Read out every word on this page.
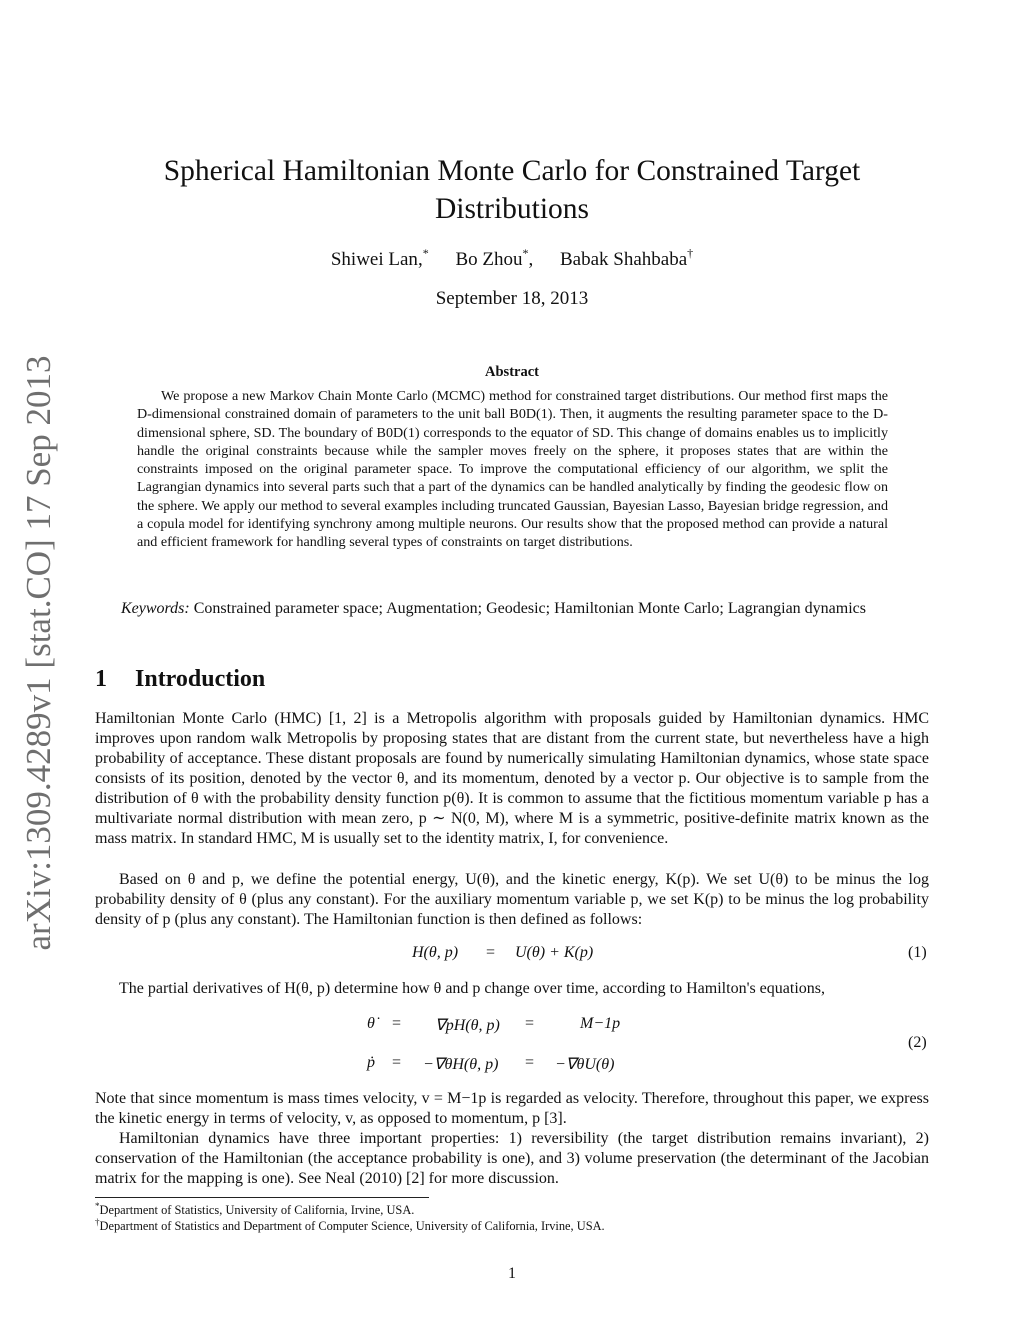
arXiv:1309.4289v1 [stat.CO] 17 Sep 2013
Spherical Hamiltonian Monte Carlo for Constrained Target Distributions
Shiwei Lan,* Bo Zhou*, Babak Shahbaba†
September 18, 2013
Abstract
We propose a new Markov Chain Monte Carlo (MCMC) method for constrained target distributions. Our method first maps the D-dimensional constrained domain of parameters to the unit ball B0D(1). Then, it augments the resulting parameter space to the D-dimensional sphere, SD. The boundary of B0D(1) corresponds to the equator of SD. This change of domains enables us to implicitly handle the original constraints because while the sampler moves freely on the sphere, it proposes states that are within the constraints imposed on the original parameter space. To improve the computational efficiency of our algorithm, we split the Lagrangian dynamics into several parts such that a part of the dynamics can be handled analytically by finding the geodesic flow on the sphere. We apply our method to several examples including truncated Gaussian, Bayesian Lasso, Bayesian bridge regression, and a copula model for identifying synchrony among multiple neurons. Our results show that the proposed method can provide a natural and efficient framework for handling several types of constraints on target distributions.
Keywords: Constrained parameter space; Augmentation; Geodesic; Hamiltonian Monte Carlo; Lagrangian dynamics
1 Introduction
Hamiltonian Monte Carlo (HMC) [1, 2] is a Metropolis algorithm with proposals guided by Hamiltonian dynamics. HMC improves upon random walk Metropolis by proposing states that are distant from the current state, but nevertheless have a high probability of acceptance. These distant proposals are found by numerically simulating Hamiltonian dynamics, whose state space consists of its position, denoted by the vector θ, and its momentum, denoted by a vector p. Our objective is to sample from the distribution of θ with the probability density function p(θ). It is common to assume that the fictitious momentum variable p has a multivariate normal distribution with mean zero, p ∼ N(0, M), where M is a symmetric, positive-definite matrix known as the mass matrix. In standard HMC, M is usually set to the identity matrix, I, for convenience.
Based on θ and p, we define the potential energy, U(θ), and the kinetic energy, K(p). We set U(θ) to be minus the log probability density of θ (plus any constant). For the auxiliary momentum variable p, we set K(p) to be minus the log probability density of p (plus any constant). The Hamiltonian function is then defined as follows:
H(θ, p) = U(θ) + K(p)	(1)
The partial derivatives of H(θ, p) determine how θ and p change over time, according to Hamilton's equations,
θ̇ = ∇pH(θ, p) =	M−1p
ṗ = −∇θH(θ, p) = −∇θU(θ)
(2)
Note that since momentum is mass times velocity, v = M−1p is regarded as velocity. Therefore, throughout this paper, we express the kinetic energy in terms of velocity, v, as opposed to momentum, p [3].
Hamiltonian dynamics have three important properties: 1) reversibility (the target distribution remains invariant), 2) conservation of the Hamiltonian (the acceptance probability is one), and 3) volume preservation (the determinant of the Jacobian matrix for the mapping is one). See Neal (2010) [2] for more discussion.
*Department of Statistics, University of California, Irvine, USA.
†Department of Statistics and Department of Computer Science, University of California, Irvine, USA.
1
